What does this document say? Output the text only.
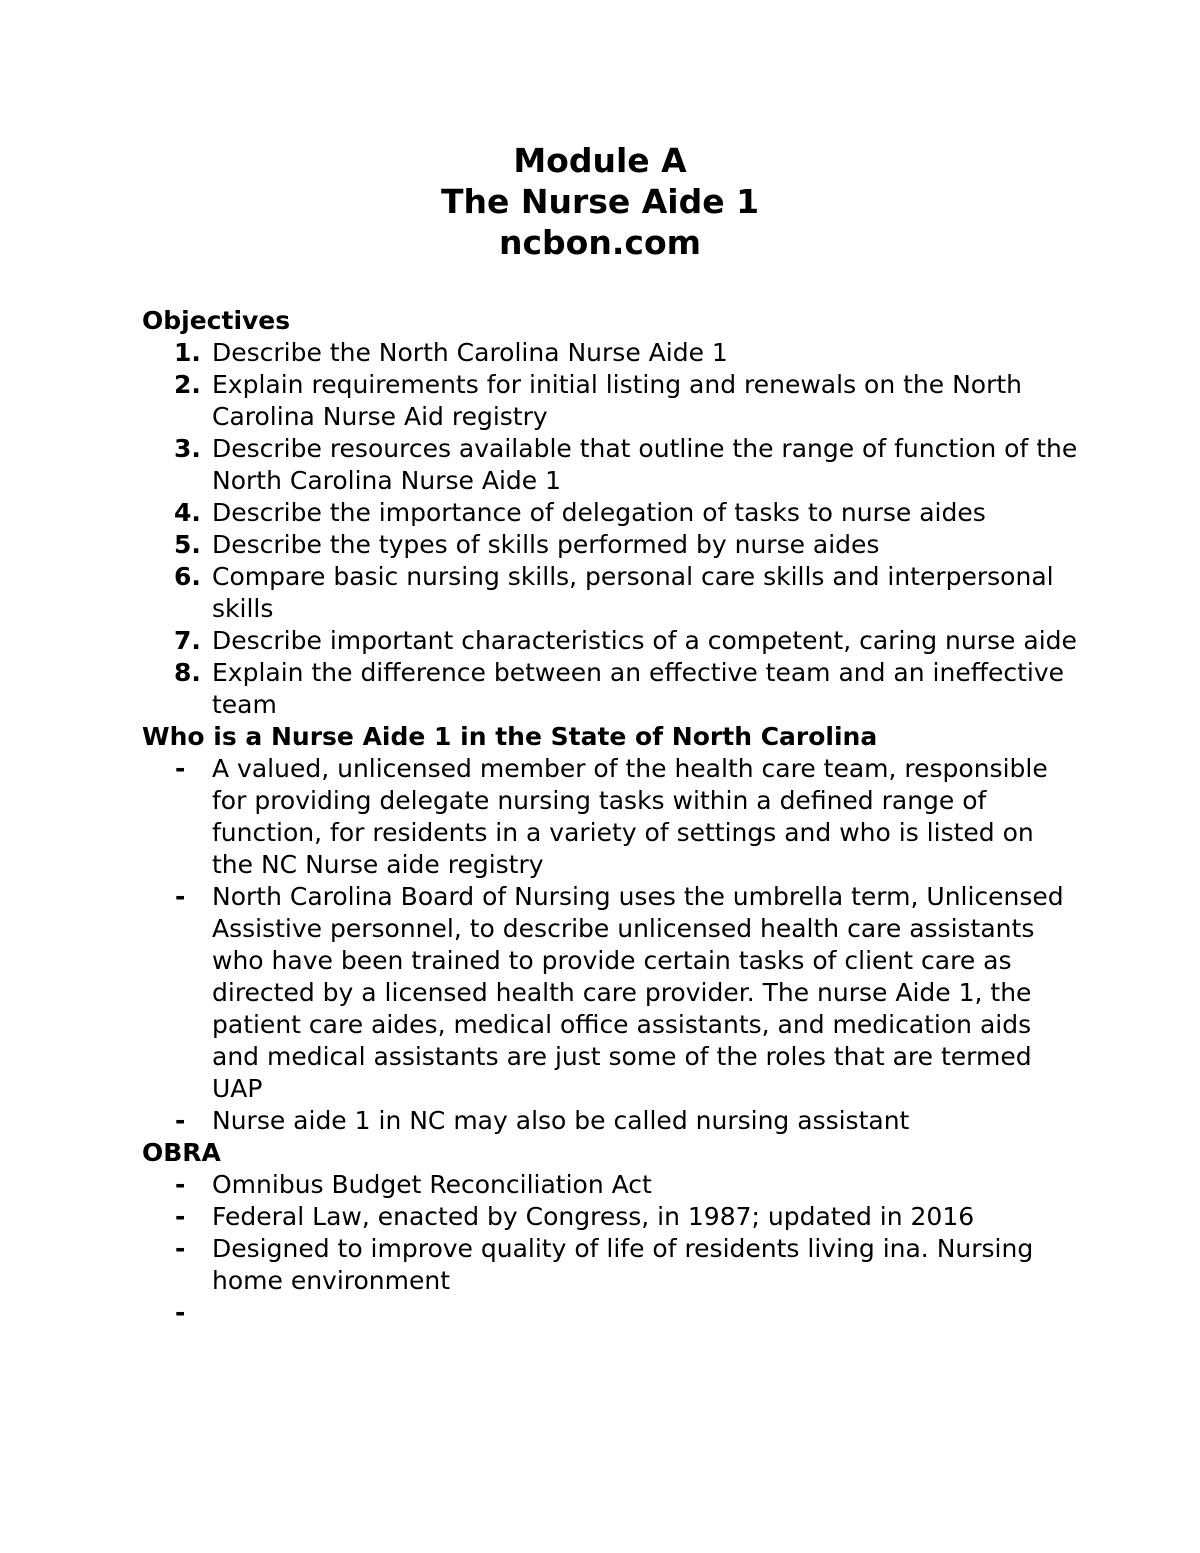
Module A
The Nurse Aide 1
ncbon.com
Objectives
1. Describe the North Carolina Nurse Aide 1
2. Explain requirements for initial listing and renewals on the North Carolina Nurse Aid registry
3. Describe resources available that outline the range of function of the North Carolina Nurse Aide 1
4. Describe the importance of delegation of tasks to nurse aides
5. Describe the types of skills performed by nurse aides
6. Compare basic nursing skills, personal care skills and interpersonal skills
7. Describe important characteristics of a competent, caring nurse aide
8. Explain the difference between an effective team and an ineffective team
Who is a Nurse Aide 1 in the State of North Carolina
- A valued, unlicensed member of the health care team, responsible for providing delegate nursing tasks within a defined range of function, for residents in a variety of settings and who is listed on the NC Nurse aide registry
- North Carolina Board of Nursing uses the umbrella term, Unlicensed Assistive personnel, to describe unlicensed health care assistants who have been trained to provide certain tasks of client care as directed by a licensed health care provider. The nurse Aide 1, the patient care aides, medical office assistants, and medication aids and medical assistants are just some of the roles that are termed UAP
- Nurse aide 1 in NC may also be called nursing assistant
OBRA
- Omnibus Budget Reconciliation Act
- Federal Law, enacted by Congress, in 1987; updated in 2016
- Designed to improve quality of life of residents living ina. Nursing home environment
-
